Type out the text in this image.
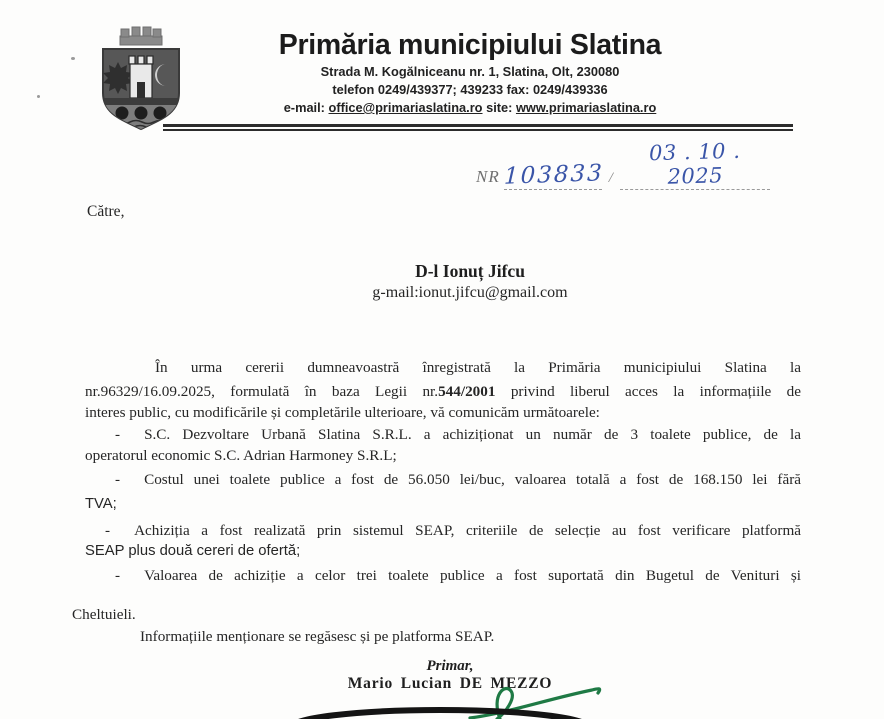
Primăria municipiului Slatina
Strada M. Kogălniceanu nr. 1, Slatina, Olt, 230080
telefon 0249/439377; 439233 fax: 0249/439336
e-mail: office@primariaslatina.ro site: www.primariaslatina.ro
NR 103833 /
03 . 10 . 2025
Către,
D-l Ionuț Jifcu
g-mail:ionut.jifcu@gmail.com
În urma cererii dumneavoastră înregistrată la Primăria municipiului Slatina la
nr.96329/16.09.2025, formulată în baza Legii nr.544/2001 privind liberul acces la informațiile de
interes public, cu modificările și completările ulterioare, vă comunicăm următoarele:
- S.C. Dezvoltare Urbană Slatina S.R.L. a achiziționat un număr de 3 toalete publice, de la
operatorul economic S.C. Adrian Harmoney S.R.L;
- Costul unei toalete publice a fost de 56.050 lei/buc, valoarea totală a fost de 168.150 lei fără
TVA;
- Achiziția a fost realizată prin sistemul SEAP, criteriile de selecție au fost verificare platformă
SEAP plus două cereri de ofertă;
- Valoarea de achiziție a celor trei toalete publice a fost suportată din Bugetul de Venituri și
Cheltuieli.
Informațiile menționare se regăsesc și pe platforma SEAP.
Primar,
Mario Lucian DE MEZZO
